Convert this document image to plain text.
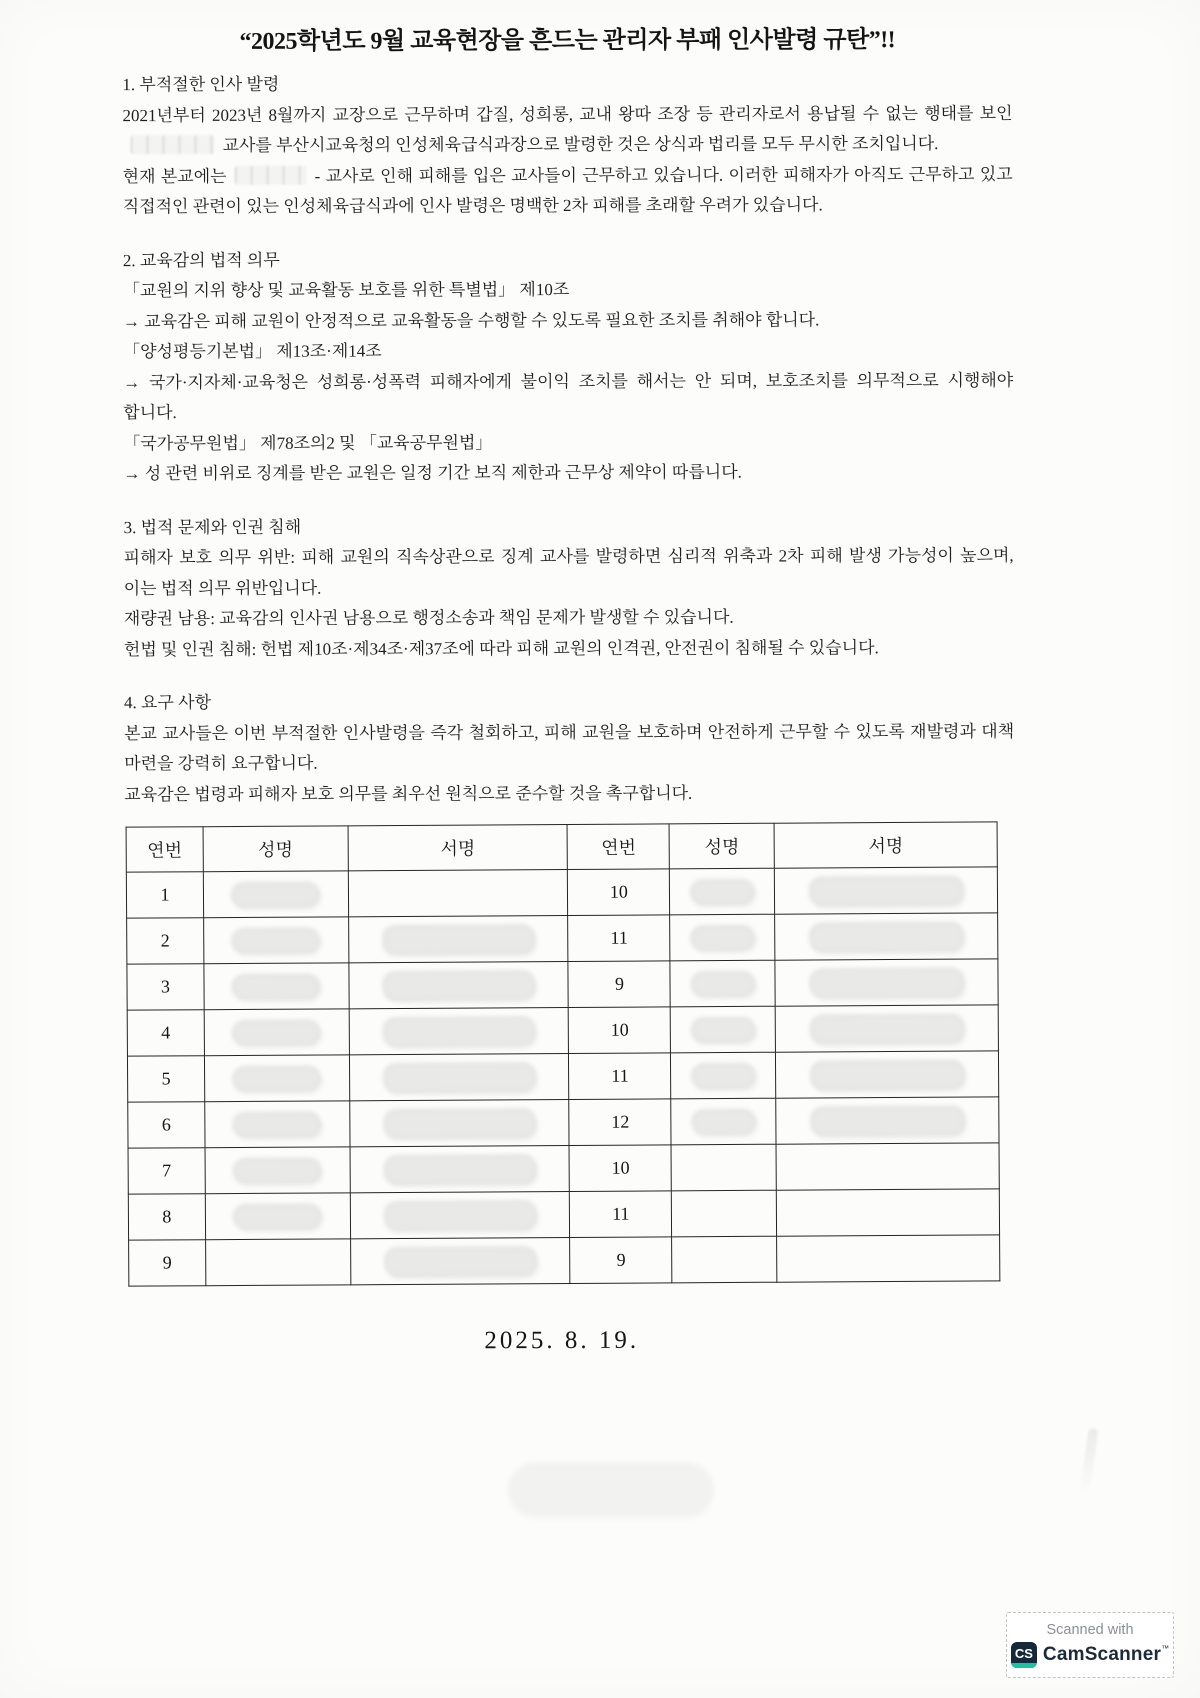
“2025학년도 9월 교육현장을 흔드는 관리자 부패 인사발령 규탄”!!

1. 부적절한 인사 발령

2021년부터 2023년 8월까지 교장으로 근무하며 갑질, 성희롱, 교내 왕따 조장 등 관리자로서 용납될 수 없는 행태를 보인교사를 부산시교육청의 인성체육급식과장으로 발령한 것은 상식과 법리를 모두 무시한 조치입니다.

현재 본교에는	- 교사로 인해 피해를 입은 교사들이 근무하고 있습니다. 이러한 피해자가 아직도 근무하고 있고 직접적인 관련이 있는 인성체육급식과에 인사 발령은 명백한 2차 피해를 초래할 우려가 있습니다.

2. 교육감의 법적 의무

「교원의 지위 향상 및 교육활동 보호를 위한 특별법」 제10조

→ 교육감은 피해 교원이 안정적으로 교육활동을 수행할 수 있도록 필요한 조치를 취해야 합니다.

「양성평등기본법」 제13조·제14조

→ 국가·지자체·교육청은 성희롱·성폭력 피해자에게 불이익 조치를 해서는 안 되며, 보호조치를 의무적으로 시행해야 합니다.

「국가공무원법」 제78조의2 및 「교육공무원법」

→ 성 관련 비위로 징계를 받은 교원은 일정 기간 보직 제한과 근무상 제약이 따릅니다.

3. 법적 문제와 인권 침해

피해자 보호 의무 위반: 피해 교원의 직속상관으로 징계 교사를 발령하면 심리적 위축과 2차 피해 발생 가능성이 높으며, 이는 법적 의무 위반입니다.

재량권 남용: 교육감의 인사권 남용으로 행정소송과 책임 문제가 발생할 수 있습니다.

헌법 및 인권 침해: 헌법 제10조·제34조·제37조에 따라 피해 교원의 인격권, 안전권이 침해될 수 있습니다.

4. 요구 사항

본교 교사들은 이번 부적절한 인사발령을 즉각 철회하고, 피해 교원을 보호하며 안전하게 근무할 수 있도록 재발령과 대책 마련을 강력히 요구합니다.

교육감은 법령과 피해자 보호 의무를 최우선 원칙으로 준수할 것을 촉구합니다.

연번	성명	서명	연번	성명	서명
1			10	

2			11	

3			9	

4			10	

5			11	

6			12	

7			10		
8			11		
9			9		

2025. 8. 19.

Scanned with
CS CamScanner ™
